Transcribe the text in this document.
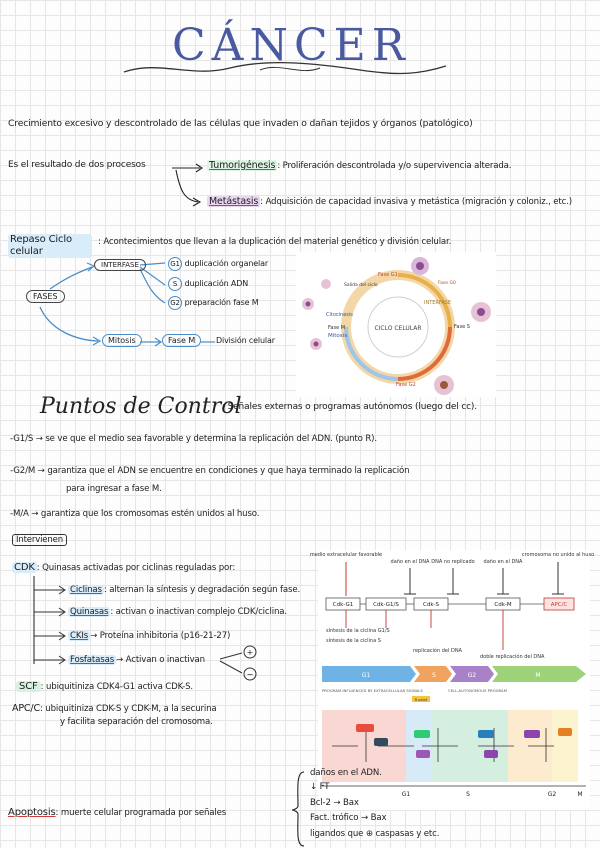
CÁNCER
Crecimiento excesivo y descontrolado de las células que invaden o dañan tejidos y órganos (patológico)
Es el resultado de dos procesos	Tumorigénesis : Proliferación descontrolada y/o supervivencia alterada.
Metástasis : Adquisición de capacidad invasiva y metástica (migración y coloniz., etc.)
Repaso Ciclo celular
: Acontecimientos que llevan a la duplicación del material genético y división celular.
FASES
INTERFASE	G1 duplicación organelar
S duplicación ADN
G2 preparación fase M
Mitosis	Fase M	División celular
CICLO CELULAR
Fase G1
Fase S
Fase G2
Fase M
Mitosis
Citocinesis
Salida del ciclo	Fase G0
INTERFASE
Puntos de Control
: Señales externas o programas autónomos (luego del cc).
-G1/S → se ve que el medio sea favorable y determina la replicación del ADN. (punto R).
-G2/M → garantiza que el ADN se encuentre en condiciones y que haya terminado la replicación
para ingresar a fase M.
-M/A → garantiza que los cromosomas estén unidos al huso.
Intervienen
CDK : Quinasas activadas por ciclinas reguladas por:
Ciclinas : alternan la síntesis y degradación según fase.
Quinasas : activan o inactivan complejo CDK/ciclina.
CKIs → Proteína inhibitoria (p16-21-27)
Fosfatasas → Activan o inactivan
+
−
SCF : ubiquitiniza CDK4-G1 activa CDK-S.
APC/C: ubiquitiniza CDK-S y CDK-M, a la securina
y facilita separación del cromosoma.
medio extracelular favorable
daño en el DNA DNA no replicado daño en el DNA
cromosoma no unido al huso
Cdk-G1	Cdk-G1/S	Cdk-S	Cdk-M	APC/C
síntesis de la ciclina G1/S
síntesis de la ciclina S
replicación del DNA
doble replicación del DNA
G1	S	G2	M
PROGRAM INFLUENCED BY EXTRACELLULAR SIGNALS	CELL-AUTONOMOUS PROGRAM
R point
G1	S	G2	M
Apoptosis: muerte celular programada por señales
daños en el ADN.
↓ FT
Bcl-2 → Bax
Fact. trófico → Bax
ligandos que ⊕ caspasas y etc.
